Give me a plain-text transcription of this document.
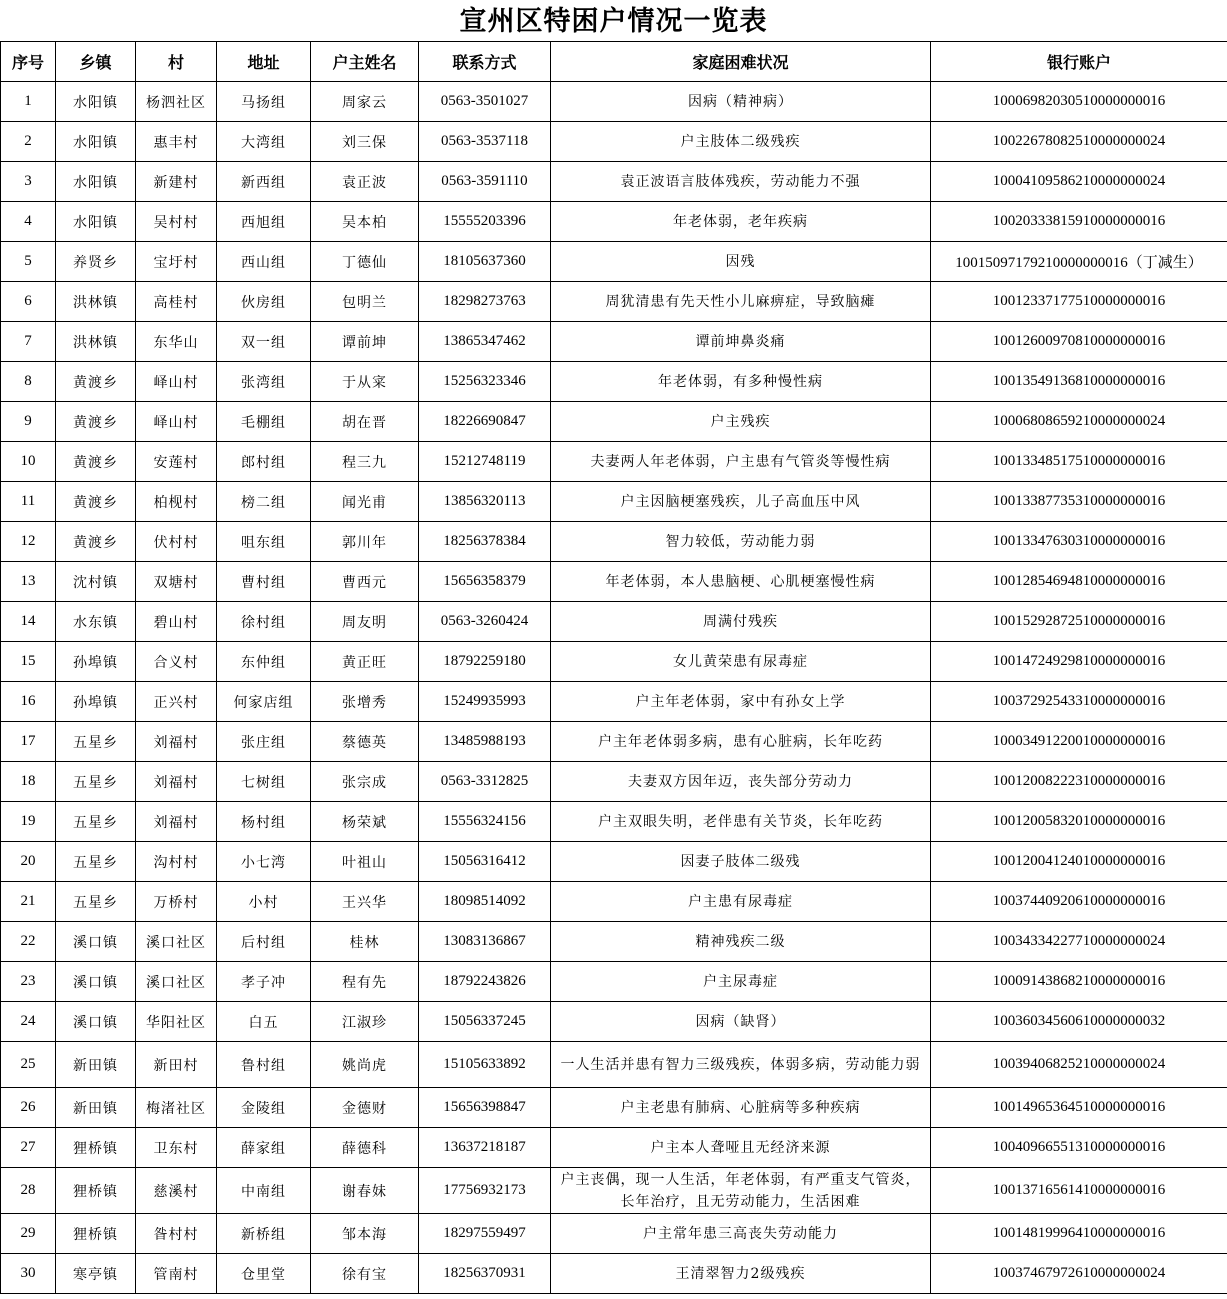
宣州区特困户情况一览表
序号	乡镇	村	地址	户主姓名	联系方式	家庭困难状况	银行账户
1	水阳镇	杨泗社区	马扬组	周家云	0563-3501027	因病（精神病）	10006982030510000000016
2	水阳镇	惠丰村	大湾组	刘三保	0563-3537118	户主肢体二级残疾	10022678082510000000024
3	水阳镇	新建村	新西组	袁正波	0563-3591110	袁正波语言肢体残疾，劳动能力不强	10004109586210000000024
4	水阳镇	吴村村	西旭组	吴本柏	15555203396	年老体弱，老年疾病	10020333815910000000016
5	养贤乡	宝圩村	西山组	丁德仙	18105637360	因残	10015097179210000000016（丁减生）
6	洪林镇	高桂村	伙房组	包明兰	18298273763	周犹清患有先天性小儿麻痹症，导致脑瘫	10012337177510000000016
7	洪林镇	东华山	双一组	谭前坤	13865347462	谭前坤鼻炎痛	10012600970810000000016
8	黄渡乡	峄山村	张湾组	于从寀	15256323346	年老体弱，有多种慢性病	10013549136810000000016
9	黄渡乡	峄山村	毛棚组	胡在晋	18226690847	户主残疾	10006808659210000000024
10	黄渡乡	安莲村	郎村组	程三九	15212748119	夫妻两人年老体弱，户主患有气管炎等慢性病	10013348517510000000016
11	黄渡乡	柏枧村	榜二组	闻光甫	13856320113	户主因脑梗塞残疾，儿子高血压中风	10013387735310000000016
12	黄渡乡	伏村村	咀东组	郭川年	18256378384	智力较低，劳动能力弱	10013347630310000000016
13	沈村镇	双塘村	曹村组	曹西元	15656358379	年老体弱，本人患脑梗、心肌梗塞慢性病	10012854694810000000016
14	水东镇	碧山村	徐村组	周友明	0563-3260424	周满付残疾	10015292872510000000016
15	孙埠镇	合义村	东仲组	黄正旺	18792259180	女儿黄荣患有尿毒症	10014724929810000000016
16	孙埠镇	正兴村	何家店组	张增秀	15249935993	户主年老体弱，家中有孙女上学	10037292543310000000016
17	五星乡	刘福村	张庄组	蔡德英	13485988193	户主年老体弱多病，患有心脏病，长年吃药	10003491220010000000016
18	五星乡	刘福村	七树组	张宗成	0563-3312825	夫妻双方因年迈，丧失部分劳动力	10012008222310000000016
19	五星乡	刘福村	杨村组	杨荣斌	15556324156	户主双眼失明，老伴患有关节炎，长年吃药	10012005832010000000016
20	五星乡	沟村村	小七湾	叶祖山	15056316412	因妻子肢体二级残	10012004124010000000016
21	五星乡	万桥村	小村	王兴华	18098514092	户主患有尿毒症	10037440920610000000016
22	溪口镇	溪口社区	后村组	桂林	13083136867	精神残疾二级	10034334227710000000024
23	溪口镇	溪口社区	孝子冲	程有先	18792243826	户主尿毒症	10009143868210000000016
24	溪口镇	华阳社区	白五	江淑珍	15056337245	因病（缺肾）	10036034560610000000032
25	新田镇	新田村	鲁村组	姚尚虎	15105633892	一人生活并患有智力三级残疾，体弱多病，劳动能力弱	10039406825210000000024
26	新田镇	梅渚社区	金陵组	金德财	15656398847	户主老患有肺病、心脏病等多种疾病	10014965364510000000016
27	狸桥镇	卫东村	薛家组	薛德科	13637218187	户主本人聋哑且无经济来源	10040966551310000000016
28	狸桥镇	慈溪村	中南组	谢春妹	17756932173	户主丧偶，现一人生活，年老体弱，有严重支气管炎，长年治疗，且无劳动能力，生活困难	10013716561410000000016
29	狸桥镇	昝村村	新桥组	邹本海	18297559497	户主常年患三高丧失劳动能力	10014819996410000000016
30	寒亭镇	管南村	仓里堂	徐有宝	18256370931	王清翠智力2级残疾	10037467972610000000024
